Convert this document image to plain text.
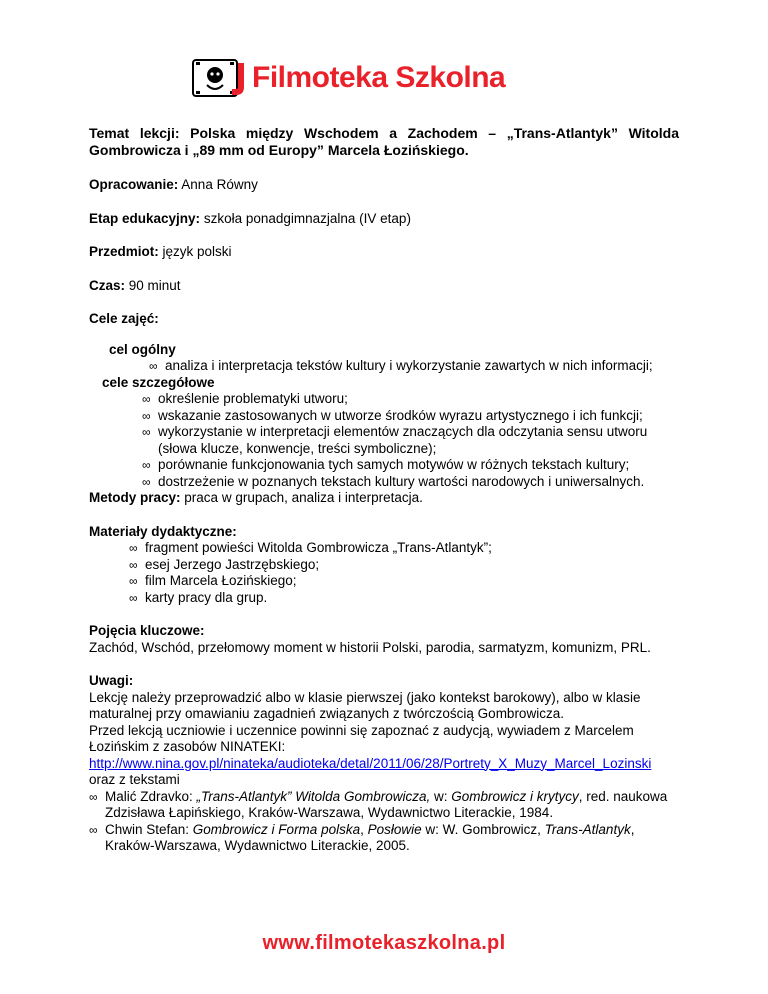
Filmoteka Szkolna

Temat lekcji: Polska między Wschodem a Zachodem – „Trans-Atlantyk” Witolda Gombrowicza i „89 mm od Europy” Marcela Łozińskiego.

Opracowanie: Anna Równy

Etap edukacyjny: szkoła ponadgimnazjalna (IV etap)

Przedmiot: język polski

Czas: 90 minut

Cele zajęć:

cel ogólny
∞ analiza i interpretacja tekstów kultury i wykorzystanie zawartych w nich informacji;
cele szczegółowe
∞ określenie problematyki utworu;
∞ wskazanie zastosowanych w utworze środków wyrazu artystycznego i ich funkcji;
∞ wykorzystanie w interpretacji elementów znaczących dla odczytania sensu utworu (słowa klucze, konwencje, treści symboliczne);
∞ porównanie funkcjonowania tych samych motywów w różnych tekstach kultury;
∞ dostrzeżenie w poznanych tekstach kultury wartości narodowych i uniwersalnych.

Metody pracy: praca w grupach, analiza i interpretacja.

Materiały dydaktyczne:
∞ fragment powieści Witolda Gombrowicza „Trans-Atlantyk”;
∞ esej Jerzego Jastrzębskiego;
∞ film Marcela Łozińskiego;
∞ karty pracy dla grup.
Pojęcia kluczowe:

Zachód, Wschód, przełomowy moment w historii Polski, parodia, sarmatyzm, komunizm, PRL.
Uwagi:
Lekcję należy przeprowadzić albo w klasie pierwszej (jako kontekst barokowy), albo w klasie maturalnej przy omawianiu zagadnień związanych z twórczością Gombrowicza.
Przed lekcją uczniowie i uczennice powinni się zapoznać z audycją, wywiadem z Marcelem Łozińskim z zasobów NINATEKI:
http://www.nina.gov.pl/ninateka/audioteka/detal/2011/06/28/Portrety_X_Muzy_Marcel_Lozinski
oraz z tekstami
∞ Malić Zdravko: „Trans-Atlantyk” Witolda Gombrowicza, w: Gombrowicz i krytycy, red. naukowa Zdzisława Łapińskiego, Kraków-Warszawa, Wydawnictwo Literackie, 1984.
∞ Chwin Stefan: Gombrowicz i Forma polska, Posłowie w: W. Gombrowicz, Trans-Atlantyk, Kraków-Warszawa, Wydawnictwo Literackie, 2005.
www.filmotekaszkolna.pl
